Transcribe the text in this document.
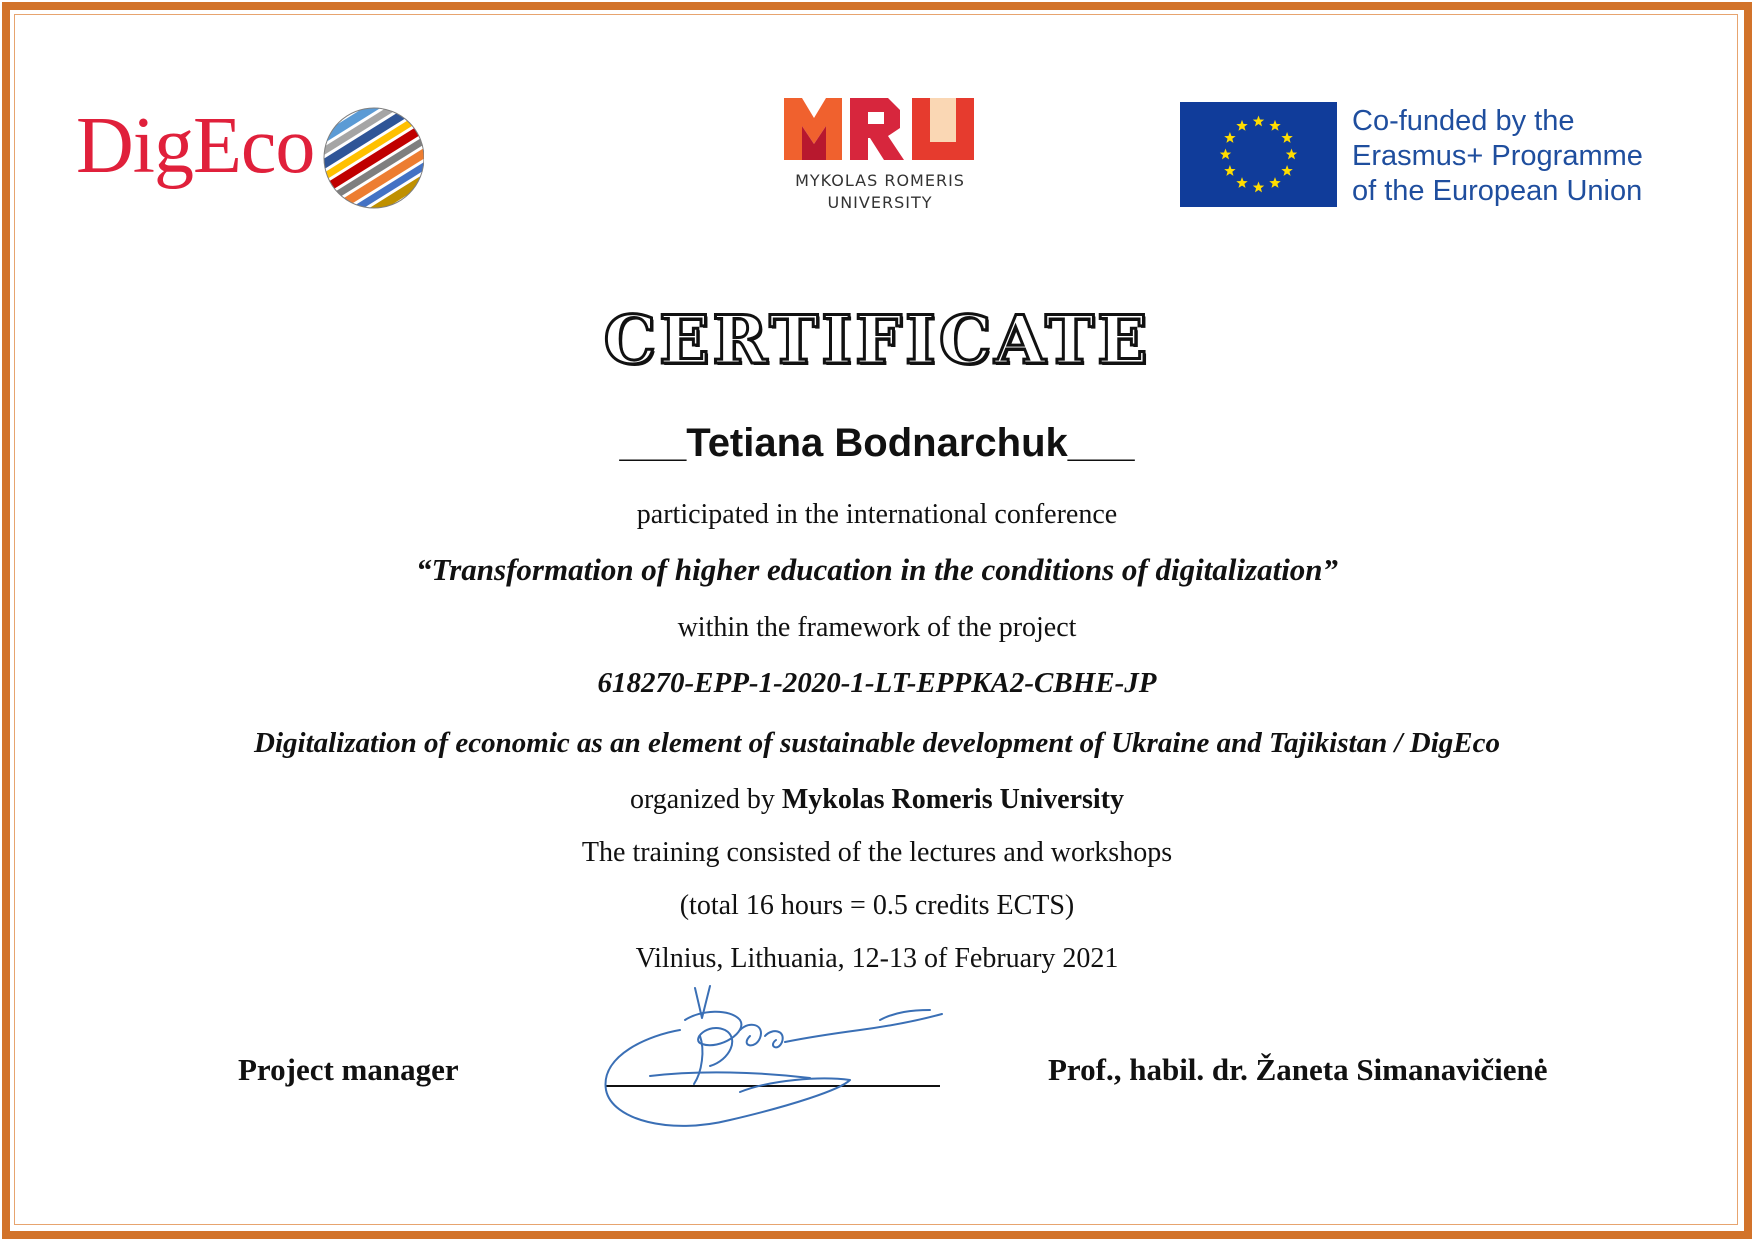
DigEco	MYKOLAS ROMERIS
UNIVERSITY
Co-funded by the
Erasmus+ Programme
of the European Union
CERTIFICATE
___Tetiana Bodnarchuk___
participated in the international conference
“Transformation of higher education in the conditions of digitalization”
within the framework of the project
618270-EPP-1-2020-1-LT-EPPKA2-CBHE-JP
Digitalization of economic as an element of sustainable development of Ukraine and Tajikistan / DigEco
organized by Mykolas Romeris University
The training consisted of the lectures and workshops
(total 16 hours = 0.5 credits ECTS)
Vilnius, Lithuania, 12-13 of February 2021
Project manager	Prof., habil. dr. Žaneta Simanavičienė
